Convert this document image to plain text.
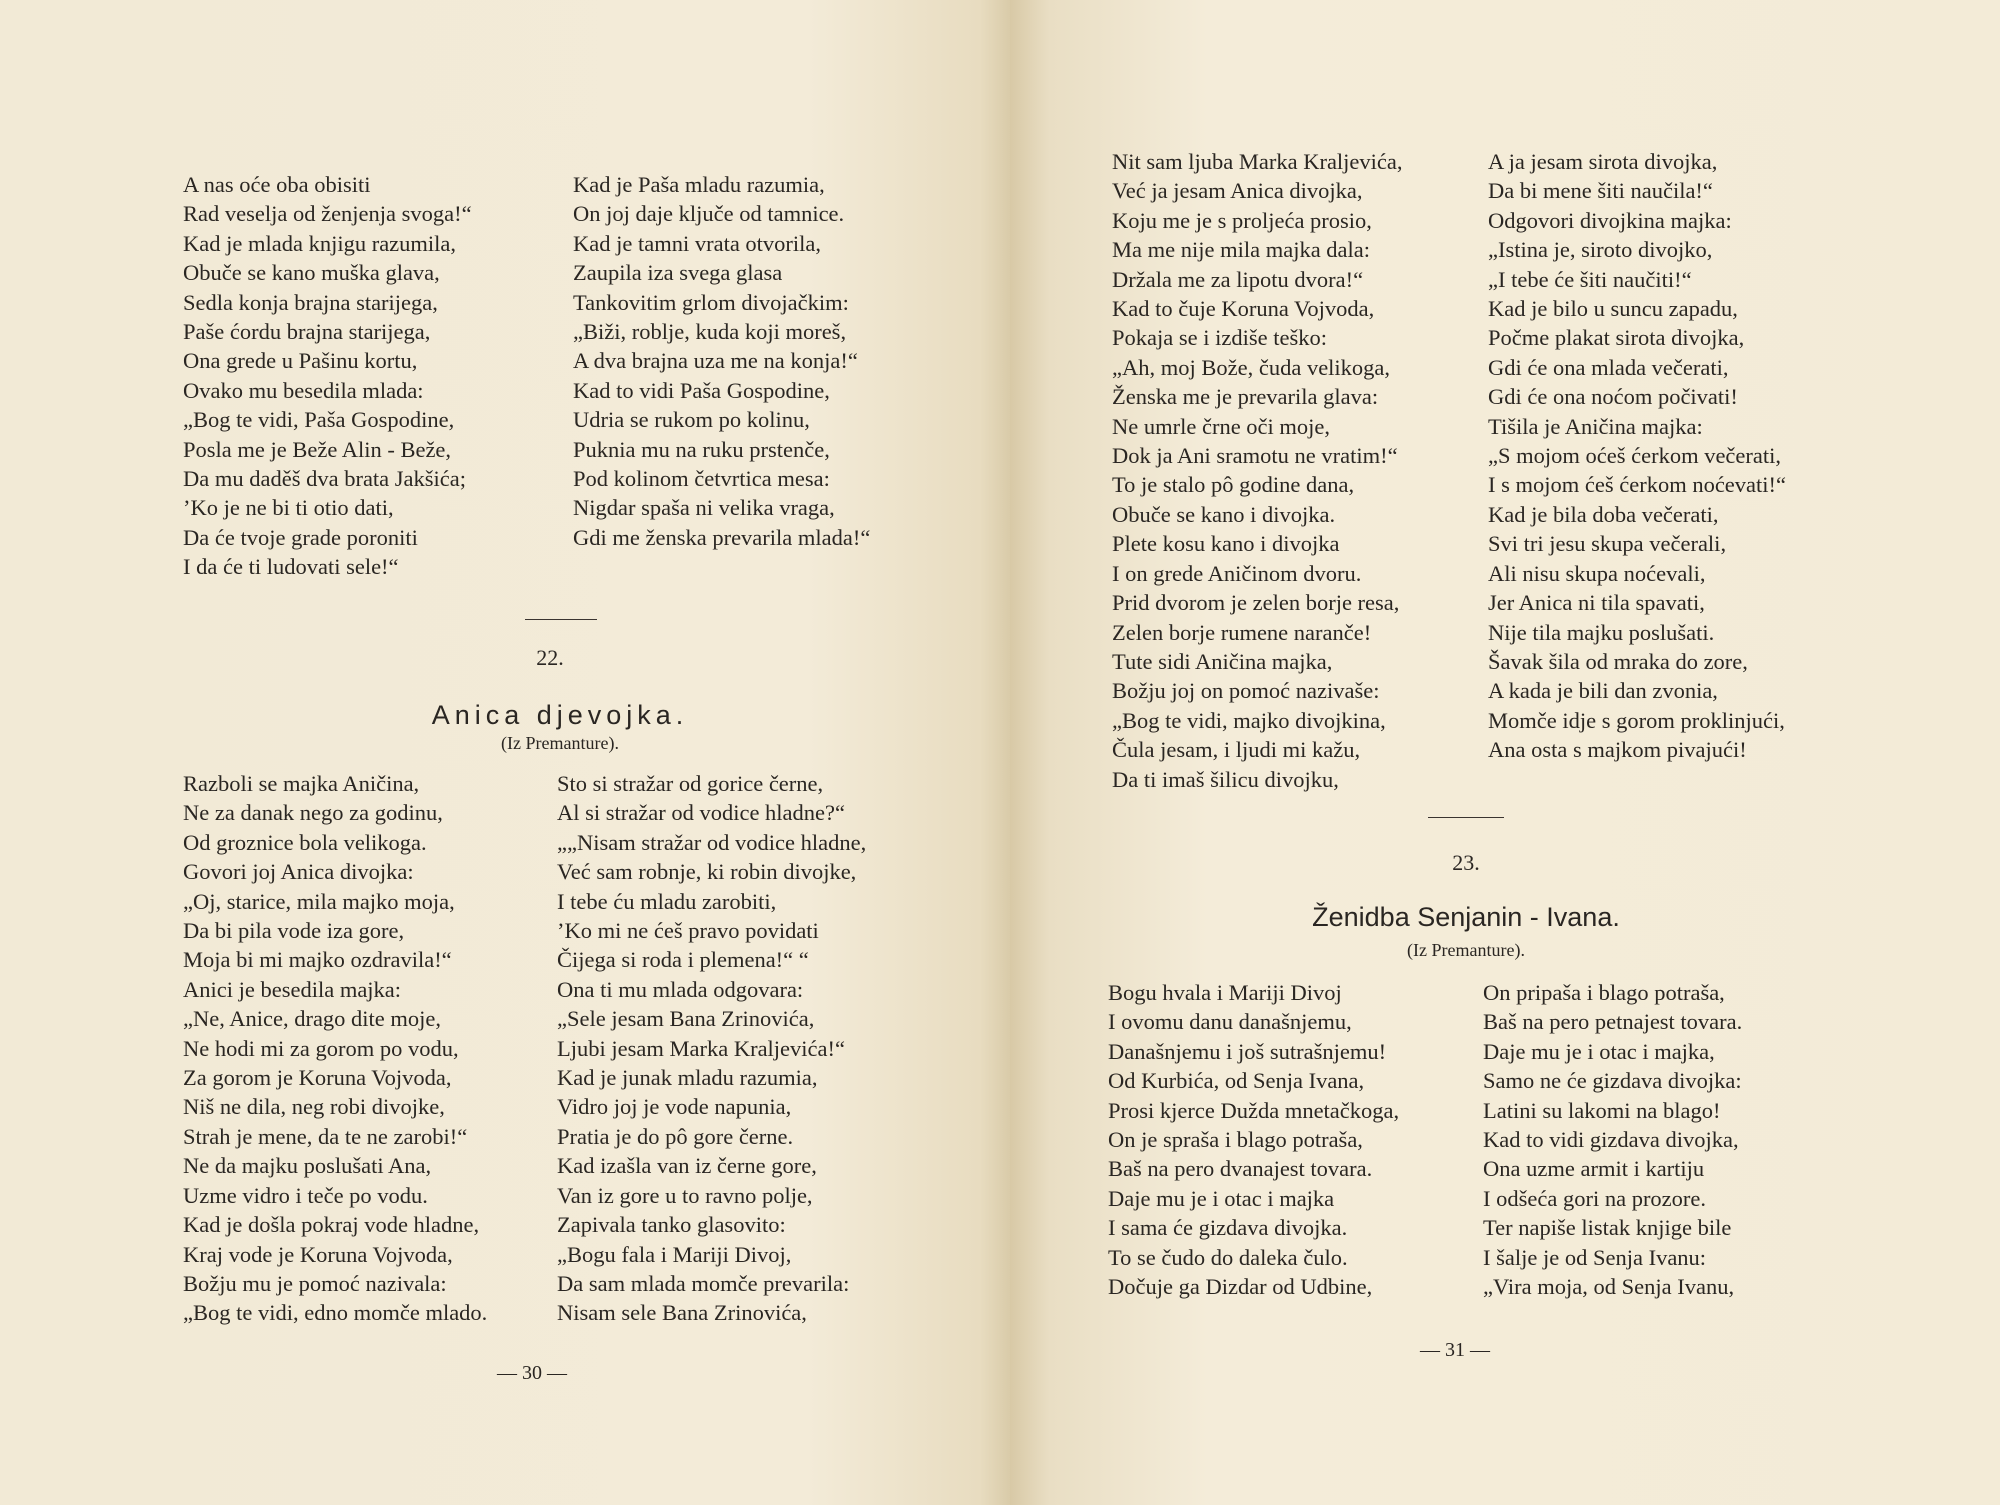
A nas oće oba obisiti
Rad veselja od ženjenja svoga!“
Kad je mlada knjigu razumila,
Obuče se kano muška glava,
Sedla konja brajna starijega,
Paše ćordu brajna starijega,
Ona grede u Pašinu kortu,
Ovako mu besedila mlada:
„Bog te vidi, Paša Gospodine,
Posla me je Beže Alin - Beže,
Da mu daděš dva brata Jakšića;
’Ko je ne bi ti otio dati,
Da će tvoje grade poroniti
I da će ti ludovati sele!“
Kad je Paša mladu razumia,
On joj daje ključe od tamnice.
Kad je tamni vrata otvorila,
Zaupila iza svega glasa
Tankovitim grlom divojačkim:
„Biži, roblje, kuda koji moreš,
A dva brajna uza me na konja!“
Kad to vidi Paša Gospodine,
Udria se rukom po kolinu,
Puknia mu na ruku prstenče,
Pod kolinom četvrtica mesa:
Nigdar spaša ni velika vraga,
Gdi me ženska prevarila mlada!“
22.
Anica djevojka.
(Iz Premanture).
Razboli se majka Aničina,
Ne za danak nego za godinu,
Od groznice bola velikoga.
Govori joj Anica divojka:
„Oj, starice, mila majko moja,
Da bi pila vode iza gore,
Moja bi mi majko ozdravila!“
Anici je besedila majka:
„Ne, Anice, drago dite moje,
Ne hodi mi za gorom po vodu,
Za gorom je Koruna Vojvoda,
Niš ne dila, neg robi divojke,
Strah je mene, da te ne zarobi!“
Ne da majku poslušati Ana,
Uzme vidro i teče po vodu.
Kad je došla pokraj vode hladne,
Kraj vode je Koruna Vojvoda,
Božju mu je pomoć nazivala:
„Bog te vidi, edno momče mlado.
Sto si stražar od gorice černe,
Al si stražar od vodice hladne?“
„„Nisam stražar od vodice hladne,
Već sam robnje, ki robin divojke,
I tebe ću mladu zarobiti,
’Ko mi ne ćeš pravo povidati
Čijega si roda i plemena!“ “
Ona ti mu mlada odgovara:
„Sele jesam Bana Zrinovića,
Ljubi jesam Marka Kraljevića!“
Kad je junak mladu razumia,
Vidro joj je vode napunia,
Pratia je do pô gore černe.
Kad izašla van iz černe gore,
Van iz gore u to ravno polje,
Zapivala tanko glasovito:
„Bogu fala i Mariji Divoj,
Da sam mlada momče prevarila:
Nisam sele Bana Zrinovića,
— 30 —
Nit sam ljuba Marka Kraljevića,
Već ja jesam Anica divojka,
Koju me je s proljeća prosio,
Ma me nije mila majka dala:
Držala me za lipotu dvora!“
Kad to čuje Koruna Vojvoda,
Pokaja se i izdiše teško:
„Ah, moj Bože, čuda velikoga,
Ženska me je prevarila glava:
Ne umrle črne oči moje,
Dok ja Ani sramotu ne vratim!“
To je stalo pô godine dana,
Obuče se kano i divojka.
Plete kosu kano i divojka
I on grede Aničinom dvoru.
Prid dvorom je zelen borje resa,
Zelen borje rumene naranče!
Tute sidi Aničina majka,
Božju joj on pomoć nazivaše:
„Bog te vidi, majko divojkina,
Čula jesam, i ljudi mi kažu,
Da ti imaš šilicu divojku,
A ja jesam sirota divojka,
Da bi mene šiti naučila!“
Odgovori divojkina majka:
„Istina je, siroto divojko,
„I tebe će šiti naučiti!“
Kad je bilo u suncu zapadu,
Počme plakat sirota divojka,
Gdi će ona mlada večerati,
Gdi će ona noćom počivati!
Tišila je Aničina majka:
„S mojom oćeš ćerkom večerati,
I s mojom ćeš ćerkom noćevati!“
Kad je bila doba večerati,
Svi tri jesu skupa večerali,
Ali nisu skupa noćevali,
Jer Anica ni tila spavati,
Nije tila majku poslušati.
Šavak šila od mraka do zore,
A kada je bili dan zvonia,
Momče idje s gorom proklinjući,
Ana osta s majkom pivajući!
23.
Ženidba Senjanin - Ivana.
(Iz Premanture).
Bogu hvala i Mariji Divoj
I ovomu danu današnjemu,
Današnjemu i još sutrašnjemu!
Od Kurbića, od Senja Ivana,
Prosi kjerce Dužda mnetačkoga,
On je spraša i blago potraša,
Baš na pero dvanajest tovara.
Daje mu je i otac i majka
I sama će gizdava divojka.
To se čudo do daleka čulo.
Dočuje ga Dizdar od Udbine,
On pripaša i blago potraša,
Baš na pero petnajest tovara.
Daje mu je i otac i majka,
Samo ne će gizdava divojka:
Latini su lakomi na blago!
Kad to vidi gizdava divojka,
Ona uzme armit i kartiju
I odšeća gori na prozore.
Ter napiše listak knjige bile
I šalje je od Senja Ivanu:
„Vira moja, od Senja Ivanu,
— 31 —
